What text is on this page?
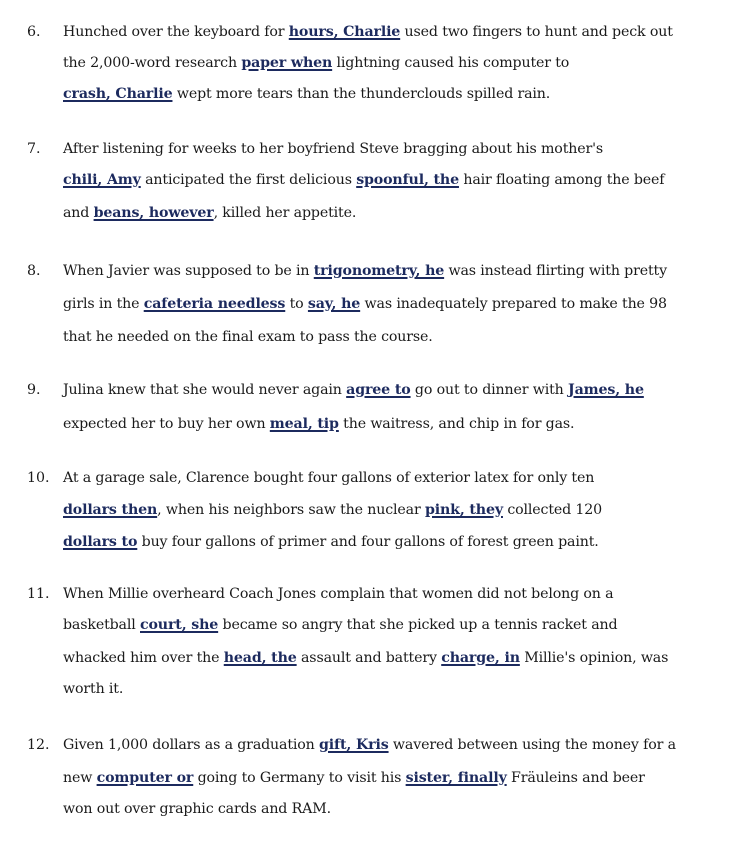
6. Hunched over the keyboard for hours, Charlie used two fingers to hunt and peck out
the 2,000-word research paper when lightning caused his computer to
crash, Charlie wept more tears than the thunderclouds spilled rain.
7. After listening for weeks to her boyfriend Steve bragging about his mother's
chili, Amy anticipated the first delicious spoonful, the hair floating among the beef
and beans, however, killed her appetite.
8. When Javier was supposed to be in trigonometry, he was instead flirting with pretty
girls in the cafeteria needless to say, he was inadequately prepared to make the 98
that he needed on the final exam to pass the course.
9. Julina knew that she would never again agree to go out to dinner with James, he
expected her to buy her own meal, tip the waitress, and chip in for gas.
10. At a garage sale, Clarence bought four gallons of exterior latex for only ten
dollars then, when his neighbors saw the nuclear pink, they collected 120
dollars to buy four gallons of primer and four gallons of forest green paint.
11. When Millie overheard Coach Jones complain that women did not belong on a
basketball court, she became so angry that she picked up a tennis racket and
whacked him over the head, the assault and battery charge, in Millie's opinion, was
worth it.
12. Given 1,000 dollars as a graduation gift, Kris wavered between using the money for a
new computer or going to Germany to visit his sister, finally Fräuleins and beer
won out over graphic cards and RAM.
